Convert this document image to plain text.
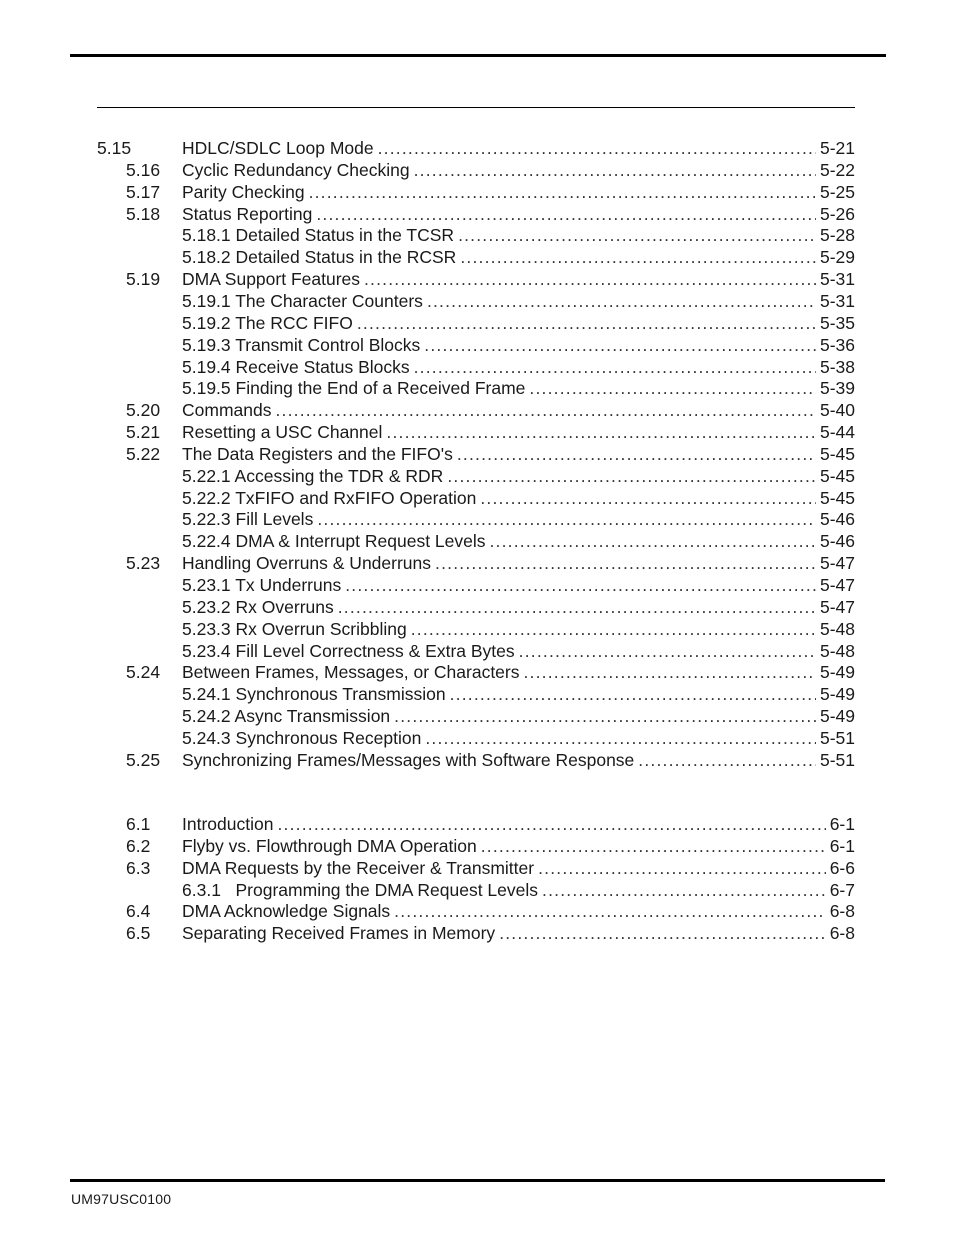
5.15	HDLC/SDLC Loop Mode .....	5-21
5.16 Cyclic Redundancy Checking .....	5-22
5.17 Parity Checking .....	5-25
5.18 Status Reporting .....	5-26
5.18.1 Detailed Status in the TCSR .....	5-28
5.18.2 Detailed Status in the RCSR .....	5-29
5.19 DMA Support Features .....	5-31
5.19.1 The Character Counters .....	5-31
5.19.2 The RCC FIFO .....	5-35
5.19.3 Transmit Control Blocks .....	5-36
5.19.4 Receive Status Blocks .....	5-38
5.19.5 Finding the End of a Received Frame .....	5-39
5.20 Commands .....	5-40
5.21 Resetting a USC Channel .....	5-44
5.22 The Data Registers and the FIFO's .....	5-45
5.22.1 Accessing the TDR & RDR .....	5-45
5.22.2 TxFIFO and RxFIFO Operation .....	5-45
5.22.3 Fill Levels .....	5-46
5.22.4 DMA & Interrupt Request Levels .....	5-46
5.23 Handling Overruns & Underruns .....	5-47
5.23.1 Tx Underruns .....	5-47
5.23.2 Rx Overruns .....	5-47
5.23.3 Rx Overrun Scribbling .....	5-48
5.23.4 Fill Level Correctness & Extra Bytes .....	5-48
5.24 Between Frames, Messages, or Characters .....	5-49
5.24.1 Synchronous Transmission .....	5-49
5.24.2 Async Transmission .....	5-49
5.24.3 Synchronous Reception .....	5-51
5.25 Synchronizing Frames/Messages with Software Response .....	5-51
6.1 Introduction .....	6-1
6.2 Flyby vs. Flowthrough DMA Operation .....	6-1
6.3 DMA Requests by the Receiver & Transmitter .....	6-6
6.3.1   Programming the DMA Request Levels .....	6-7
6.4 DMA Acknowledge Signals .....	6-8
6.5 Separating Received Frames in Memory .....	6-8
UM97USC0100
